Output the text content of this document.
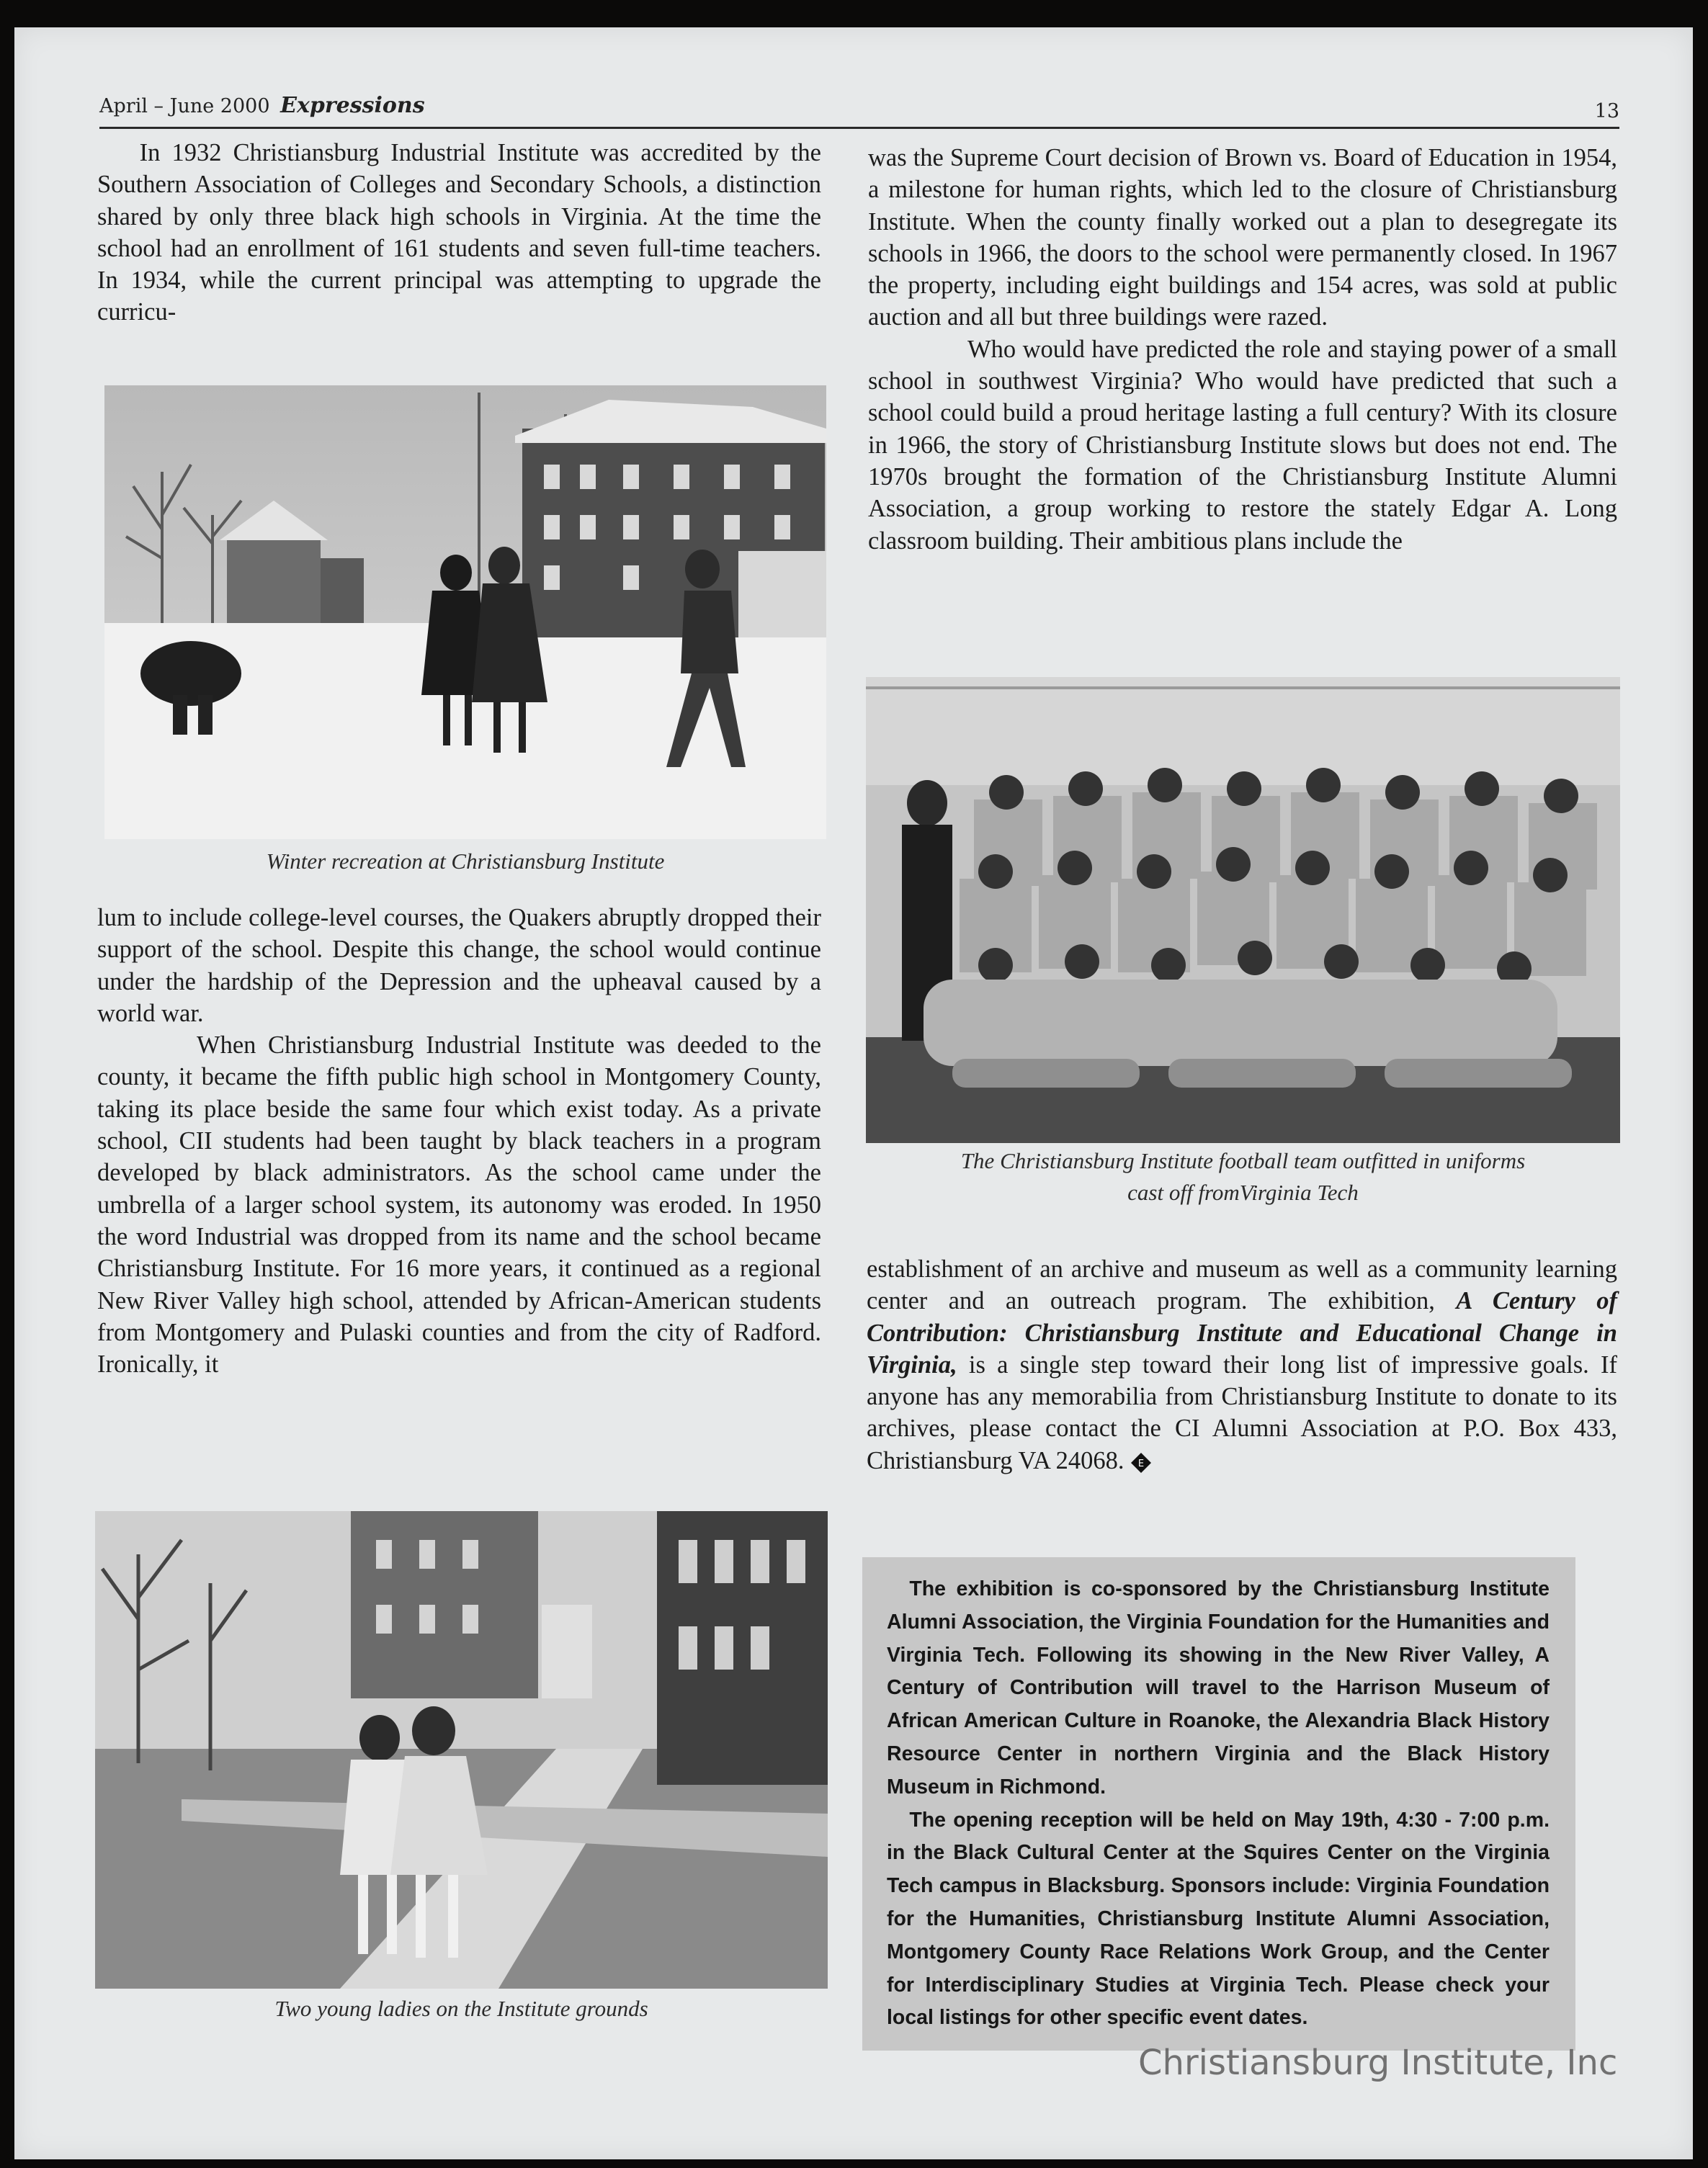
April – June 2000 Expressions	13

In 1932 Christiansburg Industrial Institute was accredited by the Southern Association of Colleges and Secondary Schools, a distinction shared by only three black high schools in Virginia. At the time the school had an enrollment of 161 students and seven full-time teachers. In 1934, while the current principal was attempting to upgrade the curricu-

Winter recreation at Christiansburg Institute

lum to include college-level courses, the Quakers abruptly dropped their support of the school. Despite this change, the school would continue under the hardship of the Depression and the upheaval caused by a world war.

When Christiansburg Industrial Institute was deeded to the county, it became the fifth public high school in Montgomery County, taking its place beside the same four which exist today. As a private school, CII students had been taught by black teachers in a program developed by black administrators. As the school came under the umbrella of a larger school system, its autonomy was eroded. In 1950 the word Industrial was dropped from its name and the school became Christiansburg Institute. For 16 more years, it continued as a regional New River Valley high school, attended by African-American students from Montgomery and Pulaski counties and from the city of Radford. Ironically, it

Two young ladies on the Institute grounds

was the Supreme Court decision of Brown vs. Board of Education in 1954, a milestone for human rights, which led to the closure of Christiansburg Institute. When the county finally worked out a plan to desegregate its schools in 1966, the doors to the school were permanently closed. In 1967 the property, including eight buildings and 154 acres, was sold at public auction and all but three buildings were razed.

Who would have predicted the role and staying power of a small school in southwest Virginia? Who would have predicted that such a school could build a proud heritage lasting a full century? With its closure in 1966, the story of Christiansburg Institute slows but does not end. The 1970s brought the formation of the Christiansburg Institute Alumni Association, a group working to restore the stately Edgar A. Long classroom building. Their ambitious plans include the

The Christiansburg Institute football team outfitted in uniforms
cast off fromVirginia Tech

establishment of an archive and museum as well as a community learning center and an outreach program. The exhibition, A Century of Contribution: Christiansburg Institute and Educational Change in Virginia, is a single step toward their long list of impressive goals. If anyone has any memorabilia from Christiansburg Institute to donate to its archives, please contact the CI Alumni Association at P.O. Box 433, Christiansburg VA 24068. E

The exhibition is co-sponsored by the Christiansburg Institute Alumni Association, the Virginia Foundation for the Humanities and Virginia Tech. Following its showing in the New River Valley, A Century of Contribution will travel to the Harrison Museum of African American Culture in Roanoke, the Alexandria Black History Resource Center in northern Virginia and the Black History Museum in Richmond.

The opening reception will be held on May 19th, 4:30 - 7:00 p.m. in the Black Cultural Center at the Squires Center on the Virginia Tech campus in Blacksburg. Sponsors include: Virginia Foundation for the Humanities, Christiansburg Institute Alumni Association, Montgomery County Race Relations Work Group, and the Center for Interdisciplinary Studies at Virginia Tech. Please check your local listings for other specific event dates.

Christiansburg Institute, Inc
